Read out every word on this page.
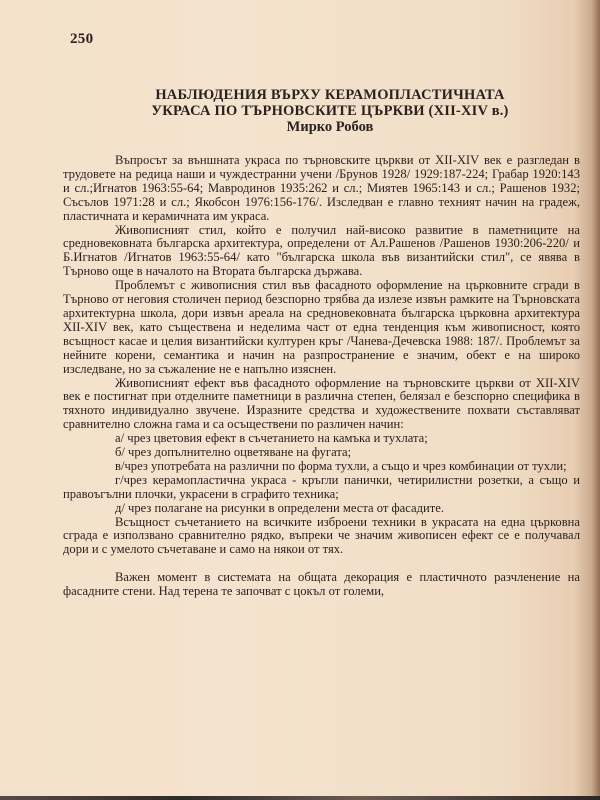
250
НАБЛЮДЕНИЯ ВЪРХУ КЕРАМОПЛАСТИЧНАТА
УКРАСА ПО ТЪРНОВСКИТЕ ЦЪРКВИ (XII-XIV в.)
Мирко Робов

Въпросът за външната украса по търновските църкви от XII-XIV век е разгледан в трудовете на редица наши и чуждестранни учени /Брунов 1928/ 1929:187-224; Грабар 1920:143 и сл.;Игнатов 1963:55-64; Мавродинов 1935:262 и сл.; Миятев 1965:143 и сл.; Рашенов 1932; Съсълов 1971:28 и сл.; Якобсон 1976:156-176/. Изследван е главно техният начин на градеж, пластичната и керамичната им украса.

Живописният стил, който е получил най-високо развитие в паметниците на средновековната българска архитектура, определени от Ал.Рашенов /Рашенов 1930:206-220/ и Б.Игнатов /Игнатов 1963:55-64/ като "българска школа във византийски стил", се явява в Търново още в началото на Втората българска държава.

Проблемът с живописния стил във фасадното оформление на църковните сгради в Търново от неговия столичен период безспорно трябва да излезе извън рамките на Търновската архитектурна школа, дори извън ареала на средновековната българска църковна архитектура XII-XIV век, като съществена и неделима част от една тенденция към живописност, която всъщност касае и целия византийски културен кръг /Чанева-Дечевска 1988: 187/. Проблемът за нейните корени, семантика и начин на разпространение е значим, обект е на широко изследване, но за съжаление не е напълно изяснен.

Живописният ефект във фасадното оформление на търновските църкви от XII-XIV век е постигнат при отделните паметници в различна степен, белязал е безспорно специфика в тяхното индивидуално звучене. Изразните средства и художествените похвати съставляват сравнително сложна гама и са осъществени по различен начин:

а/ чрез цветовия ефект в съчетанието на камъка и тухлата;

б/ чрез допълнително оцветяване на фугата;

в/чрез употребата на различни по форма тухли, а също и чрез комбинации от тухли;

г/чрез керамопластична украса - кръгли панички, четирилистни розетки, а също и правоъгълни плочки, украсени в сграфито техника;

д/ чрез полагане на рисунки в определени места от фасадите.

Всъщност съчетанието на всичките изброени техники в украсата на една църковна сграда е използвано сравнително рядко, въпреки че значим живописен ефект се е получавал дори и с умелото съчетаване и само на някои от тях.

Важен момент в системата на общата декорация е пластичното разчленение на фасадните стени. Над терена те започват с цокъл от големи,
